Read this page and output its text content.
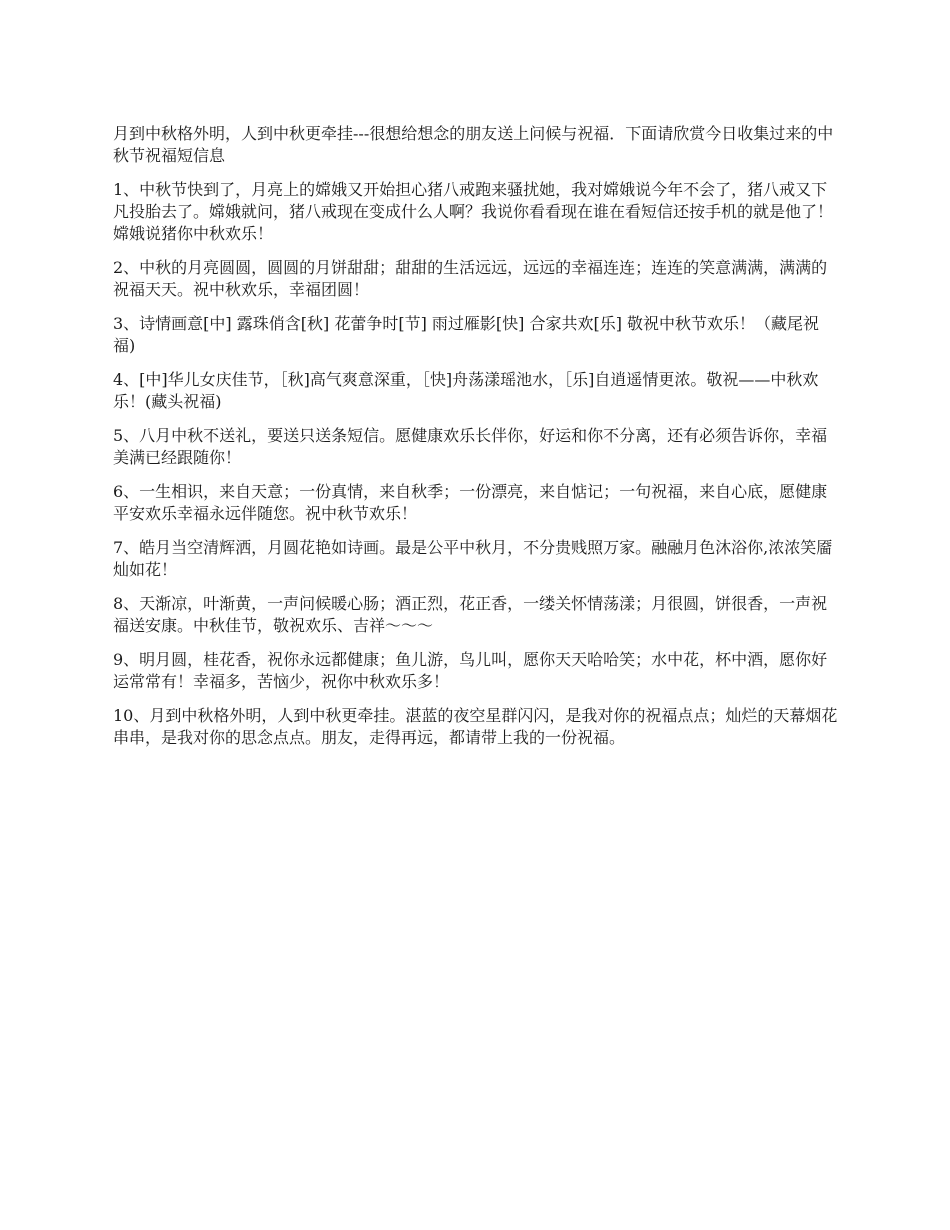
月到中秋格外明，人到中秋更牵挂---很想给想念的朋友送上问候与祝福．下面请欣赏今日收集过来的中秋节祝福短信息

1、中秋节快到了，月亮上的嫦娥又开始担心猪八戒跑来骚扰她，我对嫦娥说今年不会了，猪八戒又下凡投胎去了。嫦娥就问，猪八戒现在变成什么人啊？我说你看看现在谁在看短信还按手机的就是他了！嫦娥说猪你中秋欢乐！

2、中秋的月亮圆圆，圆圆的月饼甜甜；甜甜的生活远远，远远的幸福连连；连连的笑意满满，满满的祝福天天。祝中秋欢乐，幸福团圆！

3、诗情画意[中] 露珠俏含[秋] 花蕾争时[节] 雨过雁影[快] 合家共欢[乐] 敬祝中秋节欢乐！（藏尾祝福)

4、[中]华儿女庆佳节，［秋]高气爽意深重，［快]舟荡漾瑶池水，［乐]自逍遥情更浓。敬祝——中秋欢乐！(藏头祝福)

5、八月中秋不送礼，要送只送条短信。愿健康欢乐长伴你，好运和你不分离，还有必须告诉你，幸福美满已经跟随你！

6、一生相识，来自天意；一份真情，来自秋季；一份漂亮，来自惦记；一句祝福，来自心底，愿健康平安欢乐幸福永远伴随您。祝中秋节欢乐！

7、皓月当空清辉洒，月圆花艳如诗画。最是公平中秋月，不分贵贱照万家。融融月色沐浴你,浓浓笑靥灿如花！

8、天渐凉，叶渐黄，一声问候暖心肠；酒正烈，花正香，一缕关怀情荡漾；月很圆，饼很香，一声祝福送安康。中秋佳节，敬祝欢乐、吉祥～～～

9、明月圆，桂花香，祝你永远都健康；鱼儿游，鸟儿叫，愿你天天哈哈笑；水中花，杯中酒，愿你好运常常有！幸福多，苦恼少，祝你中秋欢乐多！

10、月到中秋格外明，人到中秋更牵挂。湛蓝的夜空星群闪闪，是我对你的祝福点点；灿烂的天幕烟花串串，是我对你的思念点点。朋友，走得再远，都请带上我的一份祝福。
